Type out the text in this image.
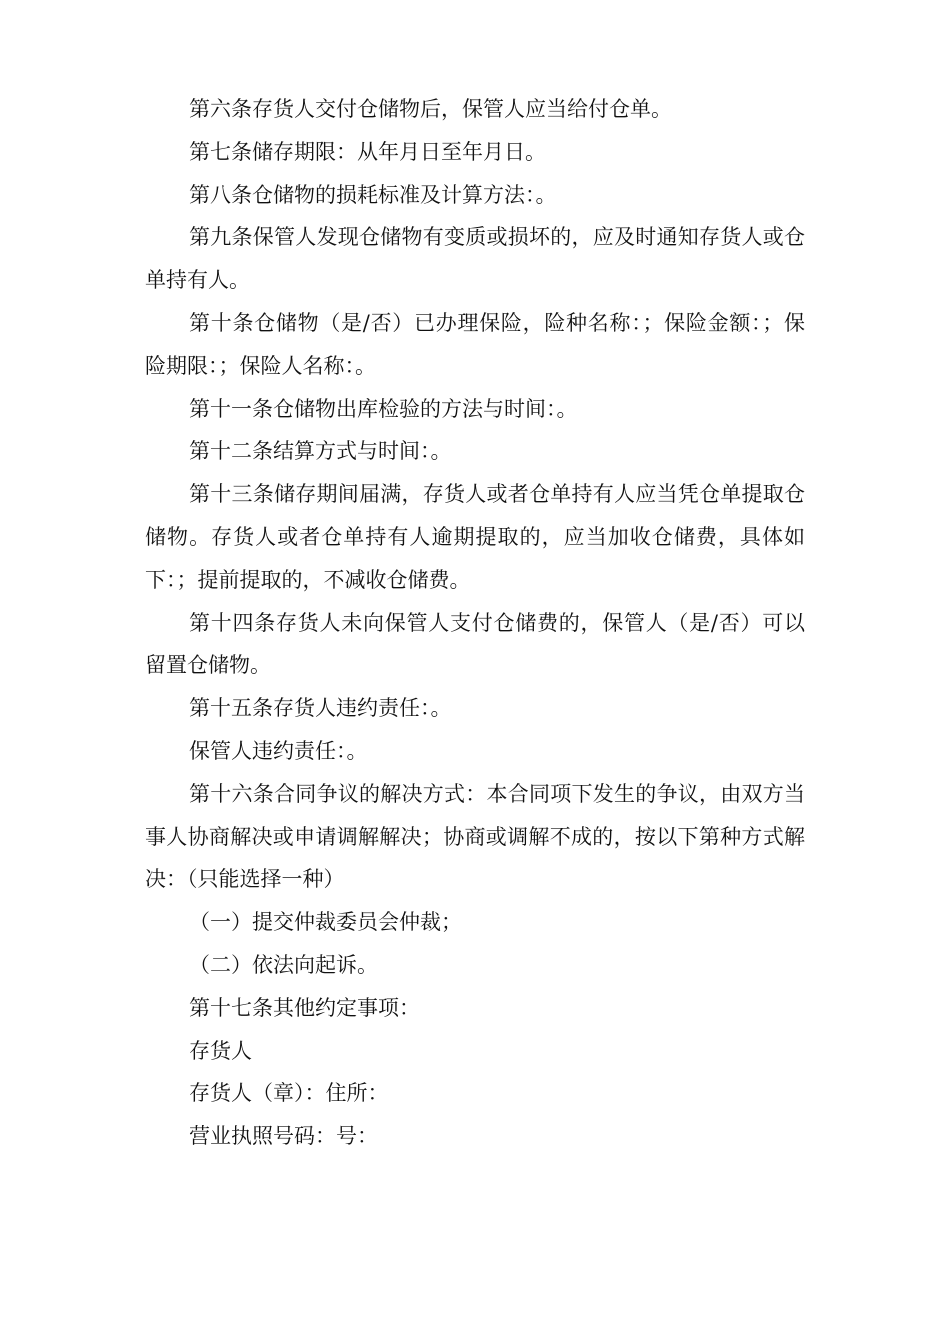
第六条存货人交付仓储物后，保管人应当给付仓单。

第七条储存期限：从年月日至年月日。

第八条仓储物的损耗标准及计算方法：。

第九条保管人发现仓储物有变质或损坏的，应及时通知存货人或仓单持有人。

第十条仓储物（是/否）已办理保险，险种名称：；保险金额：；保险期限：；保险人名称：。

第十一条仓储物出库检验的方法与时间：。

第十二条结算方式与时间：。

第十三条储存期间届满，存货人或者仓单持有人应当凭仓单提取仓储物。存货人或者仓单持有人逾期提取的，应当加收仓储费，具体如下：；提前提取的，不减收仓储费。

第十四条存货人未向保管人支付仓储费的，保管人（是/否）可以留置仓储物。

第十五条存货人违约责任：。

保管人违约责任：。

第十六条合同争议的解决方式：本合同项下发生的争议，由双方当事人协商解决或申请调解解决；协商或调解不成的，按以下第种方式解决：（只能选择一种）

（一）提交仲裁委员会仲裁；

（二）依法向起诉。

第十七条其他约定事项：

存货人

存货人（章）：住所：

营业执照号码：号：
